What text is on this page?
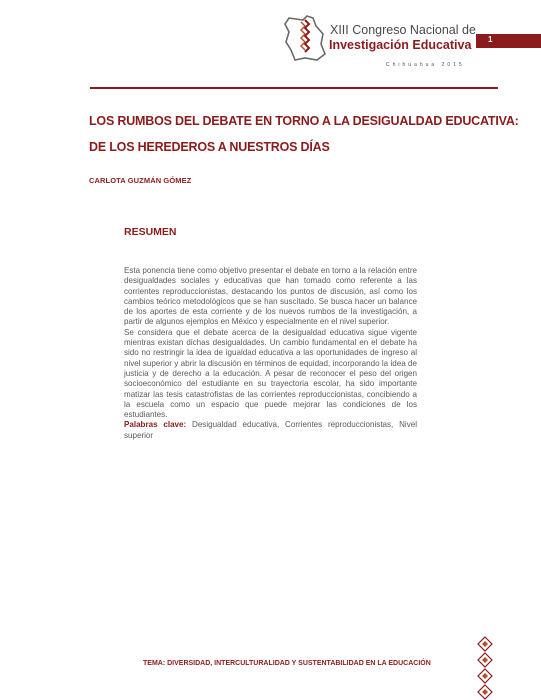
XIII Congreso Nacional de
Investigación Educativa
Chihuahua 2015
1
LOS RUMBOS DEL DEBATE EN TORNO A LA DESIGUALDAD EDUCATIVA:
DE LOS HEREDEROS A NUESTROS DÍAS
CARLOTA GUZMÁN GÓMEZ
RESUMEN

Esta ponencia tiene como objetivo presentar el debate en torno a la relación entre desigualdades sociales y educativas que han tomado como referente a las corrientes reproduccionistas, destacando los puntos de discusión, así como los cambios teórico metodológicos que se han suscitado. Se busca hacer un balance de los aportes de esta corriente y de los nuevos rumbos de la investigación, a partir de algunos ejemplos en México y especialmente en el nivel superior.

Se considera que el debate acerca de la desigualdad educativa sigue vigente mientras existan dichas desigualdades. Un cambio fundamental en el debate ha sido no restringir la idea de igualdad educativa a las oportunidades de ingreso al nivel superior y abrir la discusión en términos de equidad, incorporando la idea de justicia y de derecho a la educación. A pesar de reconocer el peso del origen socioeconómico del estudiante en su trayectoria escolar, ha sido importante matizar las tesis catastrofistas de las corrientes reproduccionistas, concibiendo a la escuela como un espacio que puede mejorar las condiciones de los estudiantes.

Palabras clave: Desigualdad educativa, Corrientes reproduccionistas, Nivel superior

TEMA: DIVERSIDAD, INTERCULTURALIDAD Y SUSTENTABILIDAD EN LA EDUCACIÓN
